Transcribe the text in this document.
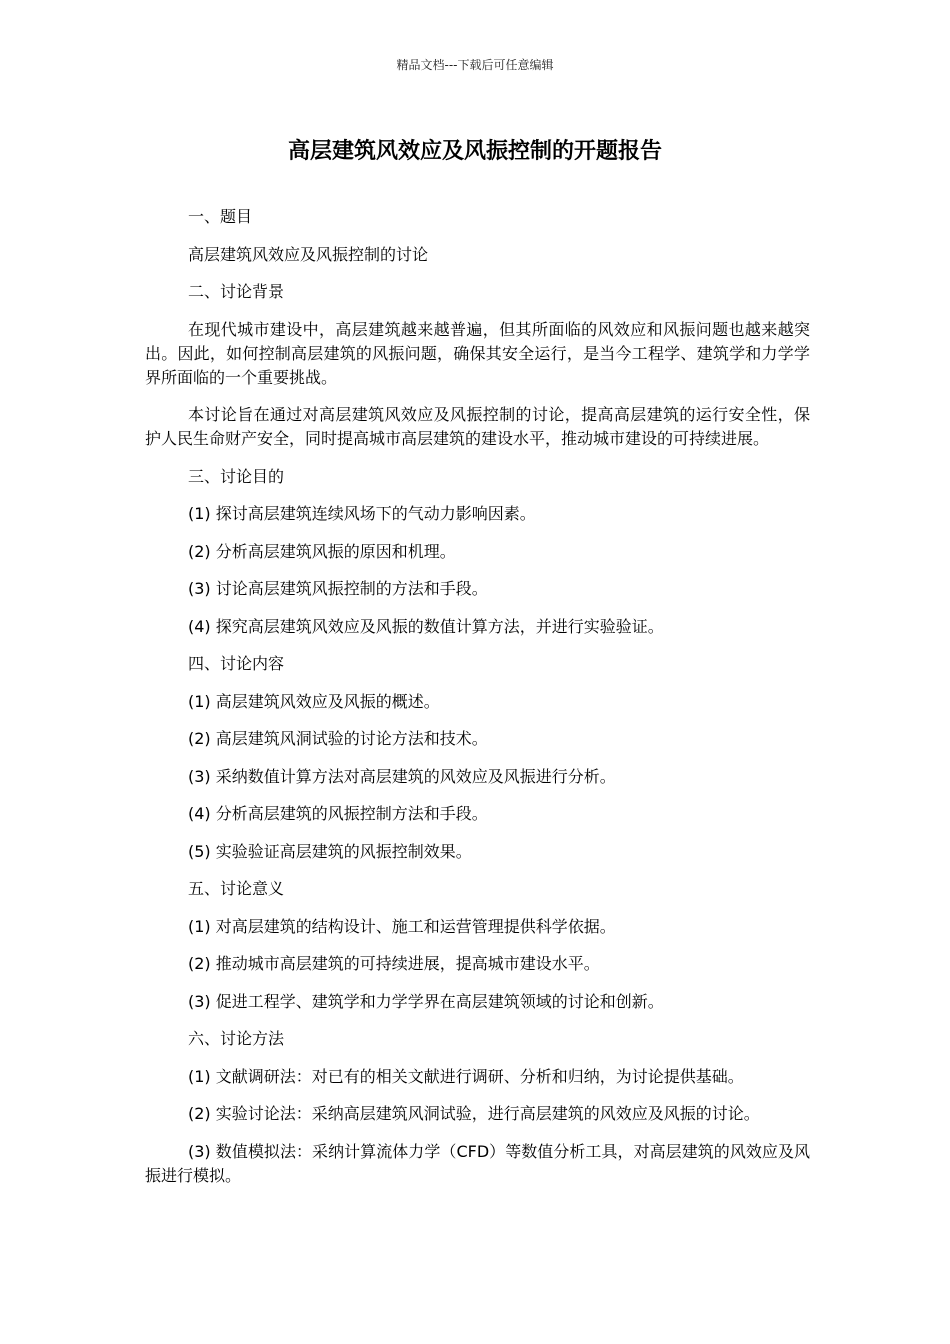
精品文档---下载后可任意编辑
高层建筑风效应及风振控制的开题报告

一、题目

高层建筑风效应及风振控制的讨论

二、讨论背景

在现代城市建设中，高层建筑越来越普遍，但其所面临的风效应和风振问题也越来越突出。因此，如何控制高层建筑的风振问题，确保其安全运行，是当今工程学、建筑学和力学学界所面临的一个重要挑战。

本讨论旨在通过对高层建筑风效应及风振控制的讨论，提高高层建筑的运行安全性，保护人民生命财产安全，同时提高城市高层建筑的建设水平，推动城市建设的可持续进展。

三、讨论目的

(1) 探讨高层建筑连续风场下的气动力影响因素。

(2) 分析高层建筑风振的原因和机理。

(3) 讨论高层建筑风振控制的方法和手段。

(4) 探究高层建筑风效应及风振的数值计算方法，并进行实验验证。

四、讨论内容

(1) 高层建筑风效应及风振的概述。

(2) 高层建筑风洞试验的讨论方法和技术。

(3) 采纳数值计算方法对高层建筑的风效应及风振进行分析。

(4) 分析高层建筑的风振控制方法和手段。

(5) 实验验证高层建筑的风振控制效果。

五、讨论意义

(1) 对高层建筑的结构设计、施工和运营管理提供科学依据。

(2) 推动城市高层建筑的可持续进展，提高城市建设水平。

(3) 促进工程学、建筑学和力学学界在高层建筑领域的讨论和创新。

六、讨论方法

(1) 文献调研法：对已有的相关文献进行调研、分析和归纳，为讨论提供基础。

(2) 实验讨论法：采纳高层建筑风洞试验，进行高层建筑的风效应及风振的讨论。

(3) 数值模拟法：采纳计算流体力学（CFD）等数值分析工具，对高层建筑的风效应及风振进行模拟。
